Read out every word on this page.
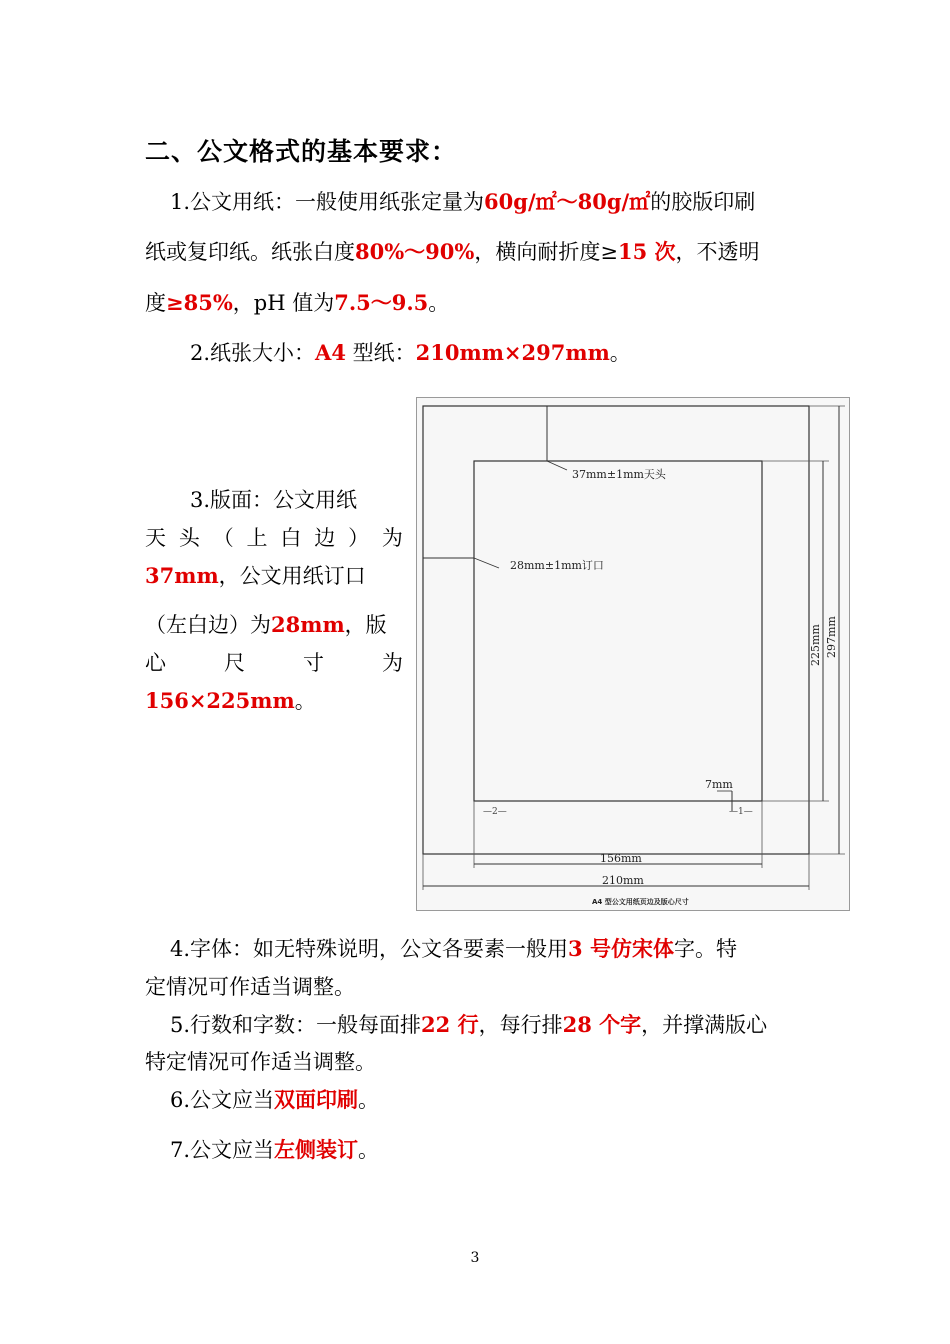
二、公文格式的基本要求：
1.公文用纸：一般使用纸张定量为60g/㎡～80g/㎡的胶版印刷
纸或复印纸。纸张白度80%～90%，横向耐折度≥15 次，不透明
度≥85%，pH 值为7.5～9.5。
2.纸张大小：A4 型纸：210mm×297mm。
3.版面：公文用纸
天 头 （ 上 白 边 ） 为
37mm，公文用纸订口
（左白边）为28mm，版
心	尺	寸	为
156×225mm。
37mm±1mm天头
28mm±1mm订口
7mm
—2—	—1—
156mm
210mm
225mm 297mm
A4 型公文用纸页边及版心尺寸
4.字体：如无特殊说明，公文各要素一般用3 号仿宋体字。特
定情况可作适当调整。
5.行数和字数：一般每面排22 行，每行排28 个字，并撑满版心
特定情况可作适当调整。
6.公文应当双面印刷。
7.公文应当左侧装订。
3
